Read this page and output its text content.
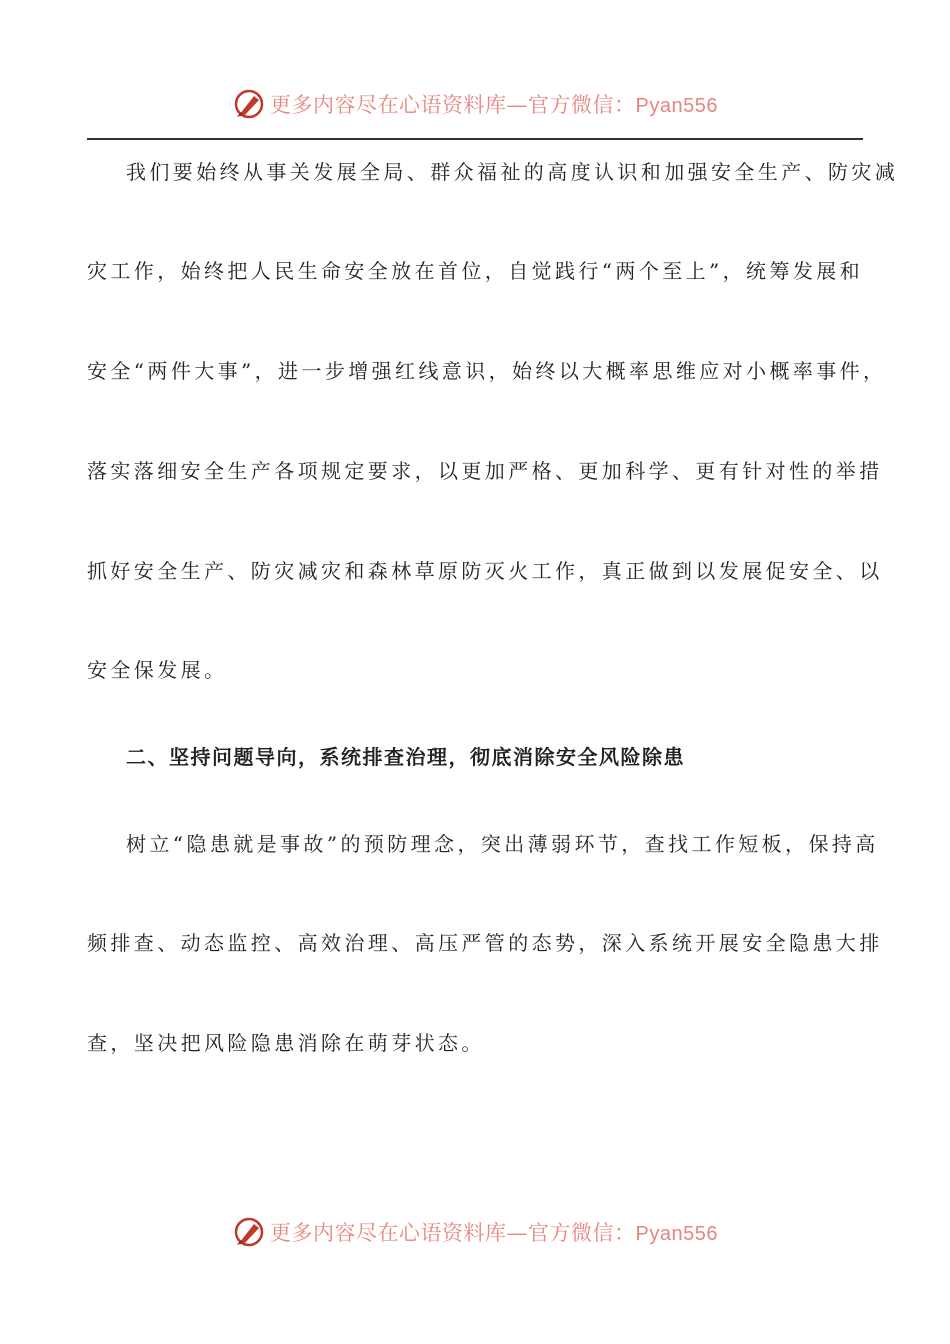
更多内容尽在心语资料库—官方微信：Pyan556
我们要始终从事关发展全局、群众福祉的高度认识和加强安全生产、防灾减
灾工作，始终把人民生命安全放在首位，自觉践行“两个至上”，统筹发展和
安全“两件大事”，进一步增强红线意识，始终以大概率思维应对小概率事件，
落实落细安全生产各项规定要求，以更加严格、更加科学、更有针对性的举措
抓好安全生产、防灾减灾和森林草原防灭火工作，真正做到以发展促安全、以
安全保发展。
二、坚持问题导向，系统排查治理，彻底消除安全风险除患
树立“隐患就是事故”的预防理念，突出薄弱环节，查找工作短板，保持高
频排查、动态监控、高效治理、高压严管的态势，深入系统开展安全隐患大排
查，坚决把风险隐患消除在萌芽状态。
更多内容尽在心语资料库—官方微信：Pyan556
